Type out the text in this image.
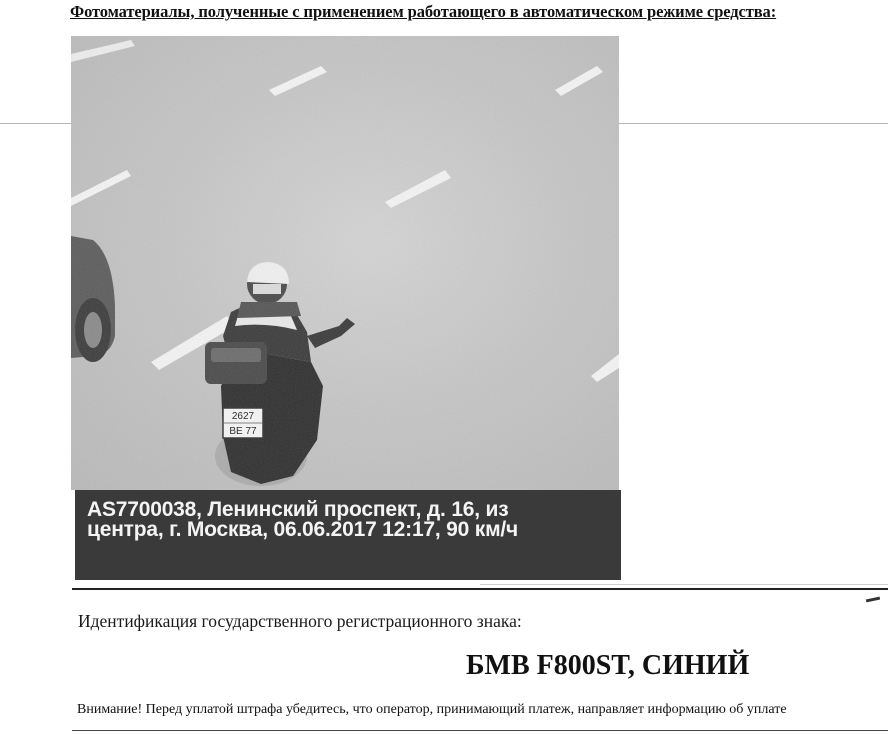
Фотоматериалы, полученные с применением работающего в автоматическом режиме средства:
AS7700038, Ленинский проспект, д. 16, из
центра, г. Москва, 06.06.2017 12:17, 90 км/ч
Идентификация государственного регистрационного знака:
БМВ F800ST, СИНИЙ
Внимание! Перед уплатой штрафа убедитесь, что оператор, принимающий платеж, направляет информацию об уплате
